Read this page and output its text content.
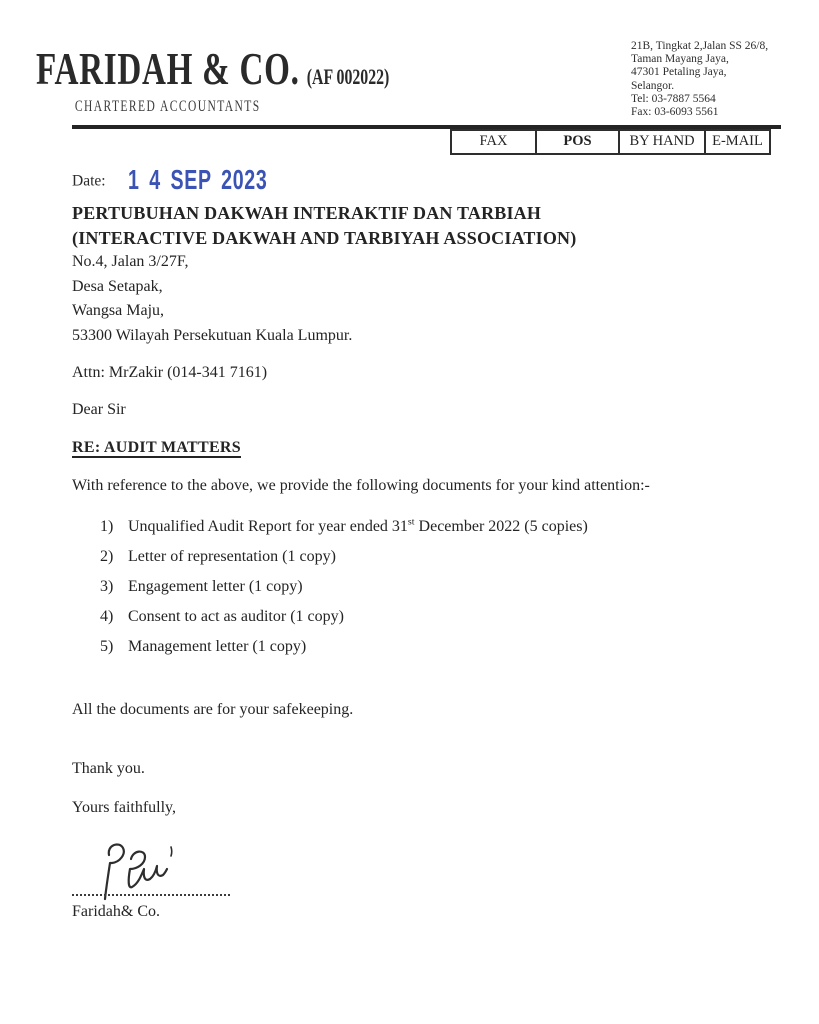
FARIDAH & CO. (AF 002022)
CHARTERED ACCOUNTANTS
21B, Tingkat 2,Jalan SS 26/8,
Taman Mayang Jaya,
47301 Petaling Jaya,
Selangor.
Tel: 03-7887 5564
Fax: 03-6093 5561
FAX	POS	BY HAND	E-MAIL
Date: 1 4 SEP 2023
PERTUBUHAN DAKWAH INTERAKTIF DAN TARBIAH
(INTERACTIVE DAKWAH AND TARBIYAH ASSOCIATION)
No.4, Jalan 3/27F,
Desa Setapak,
Wangsa Maju,
53300 Wilayah Persekutuan Kuala Lumpur.
Attn: MrZakir (014-341 7161)
Dear Sir
RE: AUDIT MATTERS
With reference to the above, we provide the following documents for your kind attention:-
1) Unqualified Audit Report for year ended 31st December 2022 (5 copies)
2) Letter of representation (1 copy)
3) Engagement letter (1 copy)
4) Consent to act as auditor (1 copy)
5) Management letter (1 copy)
All the documents are for your safekeeping.
Thank you.
Yours faithfully,
Faridah& Co.
